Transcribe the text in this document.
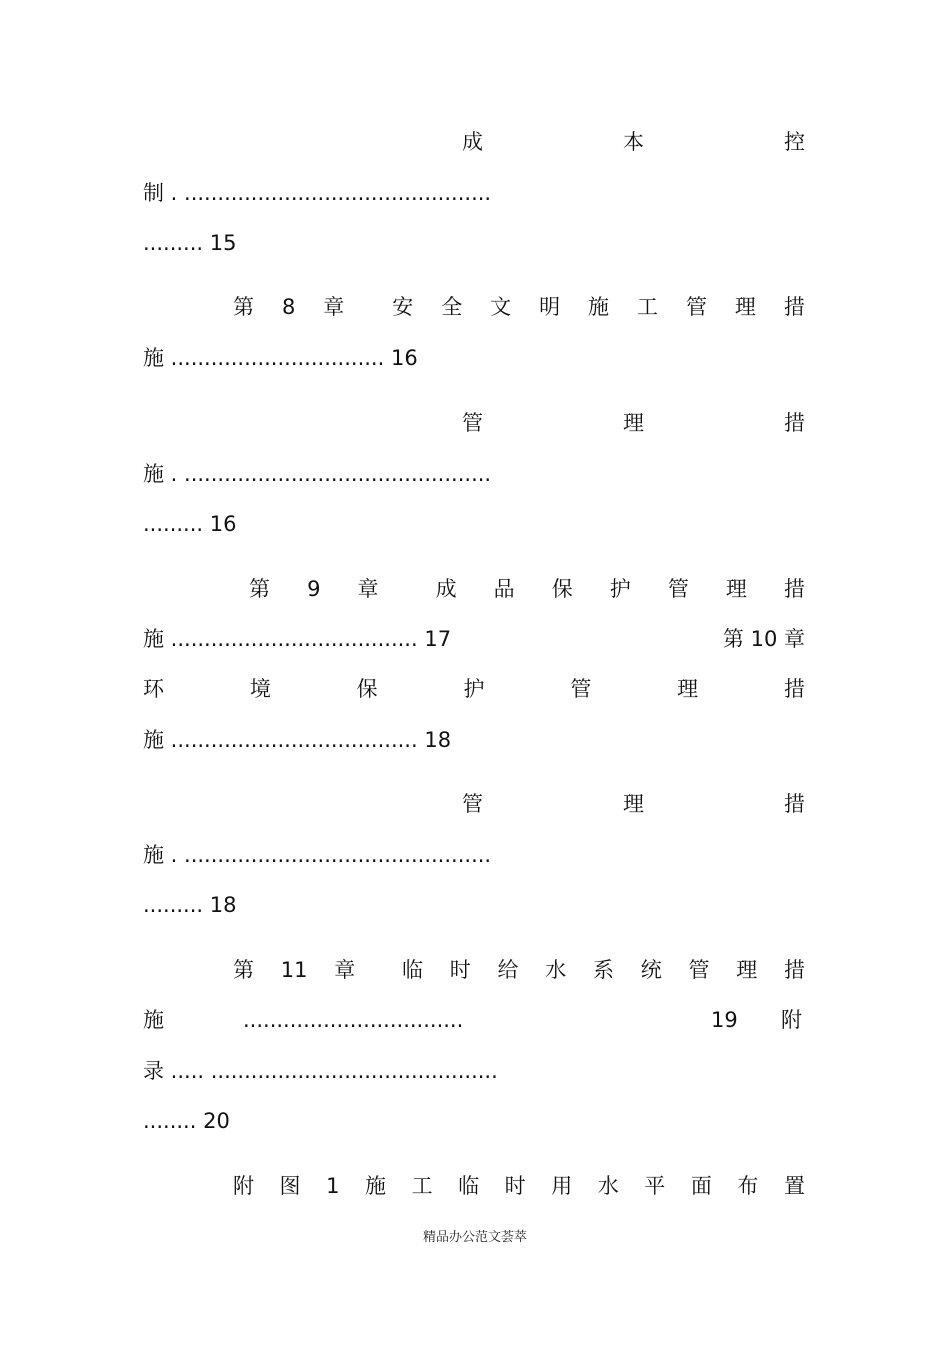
成	本	控
制 . ..............................................
......... 15
第 8 章 安 全 文 明 施 工 管 理 措
施 ................................ 16
管	理	措
施 . ..............................................
......... 16
第 9 章	成 品 保 护 管 理 措
施 ..................................... 17	第 10 章
环	境	保	护	管	理	措
施 ..................................... 18
管	理	措
施 . ..............................................
......... 18
第 11 章 临 时 给 水 系 统 管 理 措
施	.................................	19	附
录 ..... ...........................................
........ 20
附 图 1 施 工 临 时 用 水 平 面 布 置
精品办公范文荟萃
